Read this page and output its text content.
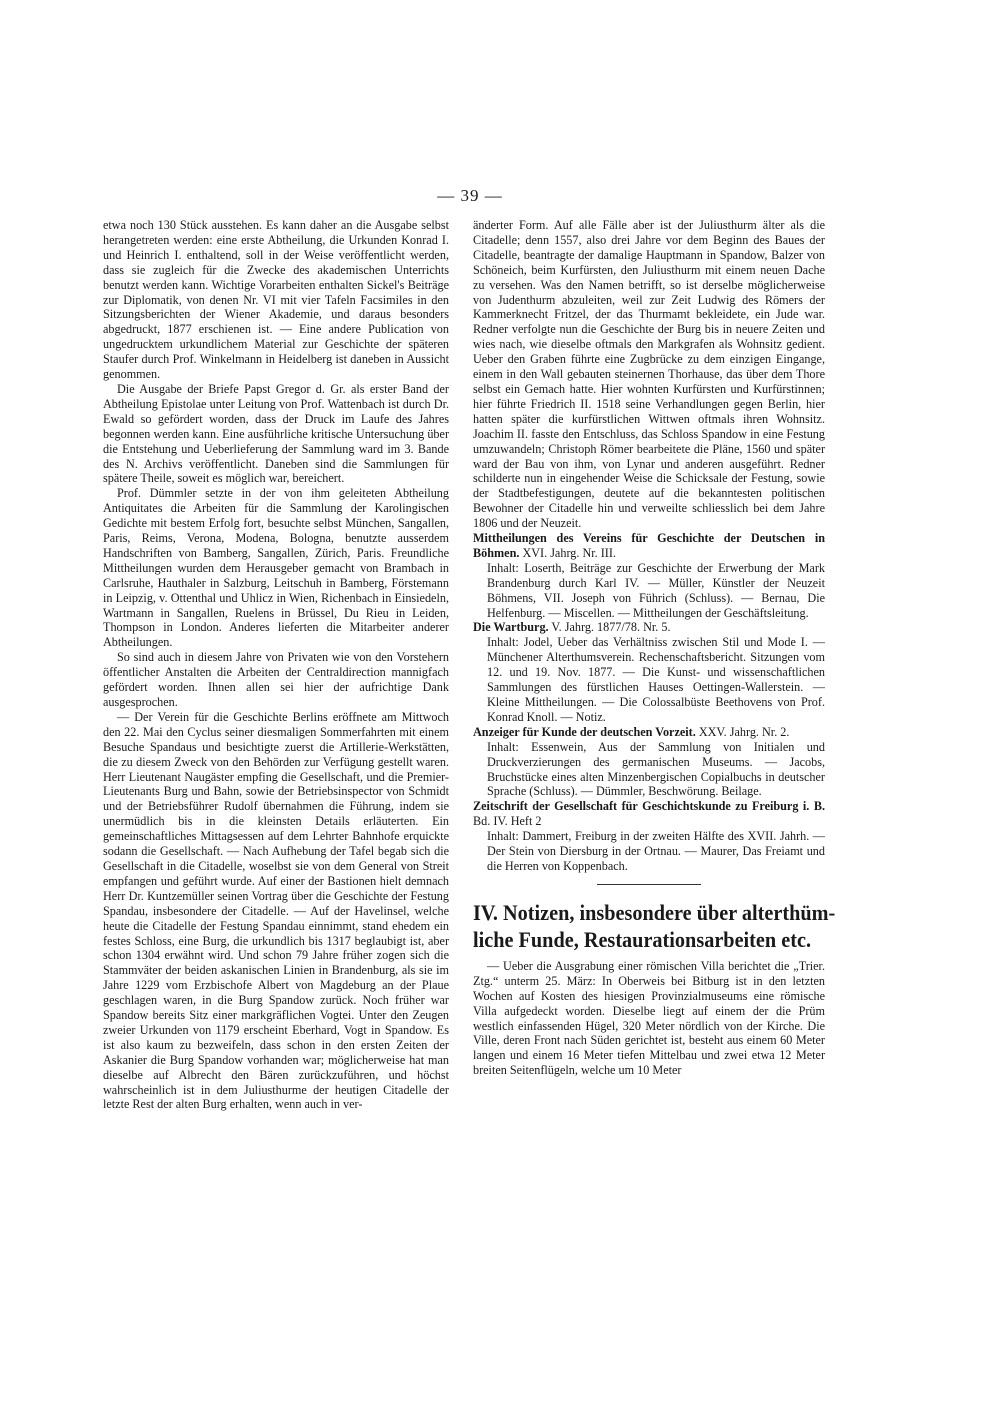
— 39 —

etwa noch 130 Stück ausstehen. Es kann daher an die Ausgabe selbst herangetreten werden: eine erste Abtheilung, die Urkunden Konrad I. und Heinrich I. enthaltend, soll in der Weise veröffentlicht werden, dass sie zugleich für die Zwecke des akademischen Unterrichts benutzt werden kann. Wichtige Vorarbeiten enthalten Sickel's Beiträge zur Diplomatik, von denen Nr. VI mit vier Tafeln Facsimiles in den Sitzungsberichten der Wiener Akademie, und daraus besonders abgedruckt, 1877 erschienen ist. — Eine andere Publication von ungedrucktem urkundlichem Material zur Geschichte der späteren Staufer durch Prof. Winkelmann in Heidelberg ist daneben in Aussicht genommen.

Die Ausgabe der Briefe Papst Gregor d. Gr. als erster Band der Abtheilung Epistolae unter Leitung von Prof. Wattenbach ist durch Dr. Ewald so gefördert worden, dass der Druck im Laufe des Jahres begonnen werden kann. Eine ausführliche kritische Untersuchung über die Entstehung und Ueberlieferung der Sammlung ward im 3. Bande des N. Archivs veröffentlicht. Daneben sind die Sammlungen für spätere Theile, soweit es möglich war, bereichert.

Prof. Dümmler setzte in der von ihm geleiteten Abtheilung Antiquitates die Arbeiten für die Sammlung der Karolingischen Gedichte mit bestem Erfolg fort, besuchte selbst München, Sangallen, Paris, Reims, Verona, Modena, Bologna, benutzte ausserdem Handschriften von Bamberg, Sangallen, Zürich, Paris. Freundliche Mittheilungen wurden dem Herausgeber gemacht von Brambach in Carlsruhe, Hauthaler in Salzburg, Leitschuh in Bamberg, Förstemann in Leipzig, v. Ottenthal und Uhlicz in Wien, Richenbach in Einsiedeln, Wartmann in Sangallen, Ruelens in Brüssel, Du Rieu in Leiden, Thompson in London. Anderes lieferten die Mitarbeiter anderer Abtheilungen.

So sind auch in diesem Jahre von Privaten wie von den Vorstehern öffentlicher Anstalten die Arbeiten der Centraldirection mannigfach gefördert worden. Ihnen allen sei hier der aufrichtige Dank ausgesprochen.

— Der Verein für die Geschichte Berlins eröffnete am Mittwoch den 22. Mai den Cyclus seiner diesmaligen Sommerfahrten mit einem Besuche Spandaus und besichtigte zuerst die Artillerie-Werkstätten, die zu diesem Zweck von den Behörden zur Verfügung gestellt waren. Herr Lieutenant Naugäster empfing die Gesellschaft, und die Premier-Lieutenants Burg und Bahn, sowie der Betriebsinspector von Schmidt und der Betriebsführer Rudolf übernahmen die Führung, indem sie unermüdlich bis in die kleinsten Details erläuterten. Ein gemeinschaftliches Mittagsessen auf dem Lehrter Bahnhofe erquickte sodann die Gesellschaft. — Nach Aufhebung der Tafel begab sich die Gesellschaft in die Citadelle, woselbst sie von dem General von Streit empfangen und geführt wurde. Auf einer der Bastionen hielt demnach Herr Dr. Kuntzemüller seinen Vortrag über die Geschichte der Festung Spandau, insbesondere der Citadelle. — Auf der Havelinsel, welche heute die Citadelle der Festung Spandau einnimmt, stand ehedem ein festes Schloss, eine Burg, die urkundlich bis 1317 beglaubigt ist, aber schon 1304 erwähnt wird. Und schon 79 Jahre früher zogen sich die Stammväter der beiden askanischen Linien in Brandenburg, als sie im Jahre 1229 vom Erzbischofe Albert von Magdeburg an der Plaue geschlagen waren, in die Burg Spandow zurück. Noch früher war Spandow bereits Sitz einer markgräflichen Vogtei. Unter den Zeugen zweier Urkunden von 1179 erscheint Eberhard, Vogt in Spandow. Es ist also kaum zu bezweifeln, dass schon in den ersten Zeiten der Askanier die Burg Spandow vorhanden war; möglicherweise hat man dieselbe auf Albrecht den Bären zurückzuführen, und höchst wahrscheinlich ist in dem Juliusthurme der heutigen Citadelle der letzte Rest der alten Burg erhalten, wenn auch in ver-

änderter Form. Auf alle Fälle aber ist der Juliusthurm älter als die Citadelle; denn 1557, also drei Jahre vor dem Beginn des Baues der Citadelle, beantragte der damalige Hauptmann in Spandow, Balzer von Schöneich, beim Kurfürsten, den Juliusthurm mit einem neuen Dache zu versehen. Was den Namen betrifft, so ist derselbe möglicherweise von Judenthurm abzuleiten, weil zur Zeit Ludwig des Römers der Kammerknecht Fritzel, der das Thurmamt bekleidete, ein Jude war. Redner verfolgte nun die Geschichte der Burg bis in neuere Zeiten und wies nach, wie dieselbe oftmals den Markgrafen als Wohnsitz gedient. Ueber den Graben führte eine Zugbrücke zu dem einzigen Eingange, einem in den Wall gebauten steinernen Thorhause, das über dem Thore selbst ein Gemach hatte. Hier wohnten Kurfürsten und Kurfürstinnen; hier führte Friedrich II. 1518 seine Verhandlungen gegen Berlin, hier hatten später die kurfürstlichen Wittwen oftmals ihren Wohnsitz. Joachim II. fasste den Entschluss, das Schloss Spandow in eine Festung umzuwandeln; Christoph Römer bearbeitete die Pläne, 1560 und später ward der Bau von ihm, von Lynar und anderen ausgeführt. Redner schilderte nun in eingehender Weise die Schicksale der Festung, sowie der Stadtbefestigungen, deutete auf die bekanntesten politischen Bewohner der Citadelle hin und verweilte schliesslich bei dem Jahre 1806 und der Neuzeit.

Mittheilungen des Vereins für Geschichte der Deutschen in Böhmen. XVI. Jahrg. Nr. III.

Inhalt: Loserth, Beiträge zur Geschichte der Erwerbung der Mark Brandenburg durch Karl IV. — Müller, Künstler der Neuzeit Böhmens, VII. Joseph von Führich (Schluss). — Bernau, Die Helfenburg. — Miscellen. — Mittheilungen der Geschäftsleitung.

Die Wartburg. V. Jahrg. 1877/78. Nr. 5.

Inhalt: Jodel, Ueber das Verhältniss zwischen Stil und Mode I. — Münchener Alterthumsverein. Rechenschaftsbericht. Sitzungen vom 12. und 19. Nov. 1877. — Die Kunst- und wissenschaftlichen Sammlungen des fürstlichen Hauses Oettingen-Wallerstein. — Kleine Mittheilungen. — Die Colossalbüste Beethovens von Prof. Konrad Knoll. — Notiz.

Anzeiger für Kunde der deutschen Vorzeit. XXV. Jahrg. Nr. 2.

Inhalt: Essenwein, Aus der Sammlung von Initialen und Druckverzierungen des germanischen Museums. — Jacobs, Bruchstücke eines alten Minzenbergischen Copialbuchs in deutscher Sprache (Schluss). — Dümmler, Beschwörung. Beilage.

Zeitschrift der Gesellschaft für Geschichtskunde zu Freiburg i. B. Bd. IV. Heft 2

Inhalt: Dammert, Freiburg in der zweiten Hälfte des XVII. Jahrh. — Der Stein von Diersburg in der Ortnau. — Maurer, Das Freiamt und die Herren von Koppenbach.

IV. Notizen, insbesondere über alterthüm-
liche Funde, Restaurationsarbeiten etc.

— Ueber die Ausgrabung einer römischen Villa berichtet die „Trier. Ztg.“ unterm 25. März: In Oberweis bei Bitburg ist in den letzten Wochen auf Kosten des hiesigen Provinzialmuseums eine römische Villa aufgedeckt worden. Dieselbe liegt auf einem der die Prüm westlich einfassenden Hügel, 320 Meter nördlich von der Kirche. Die Ville, deren Front nach Süden gerichtet ist, besteht aus einem 60 Meter langen und einem 16 Meter tiefen Mittelbau und zwei etwa 12 Meter breiten Seitenflügeln, welche um 10 Meter
